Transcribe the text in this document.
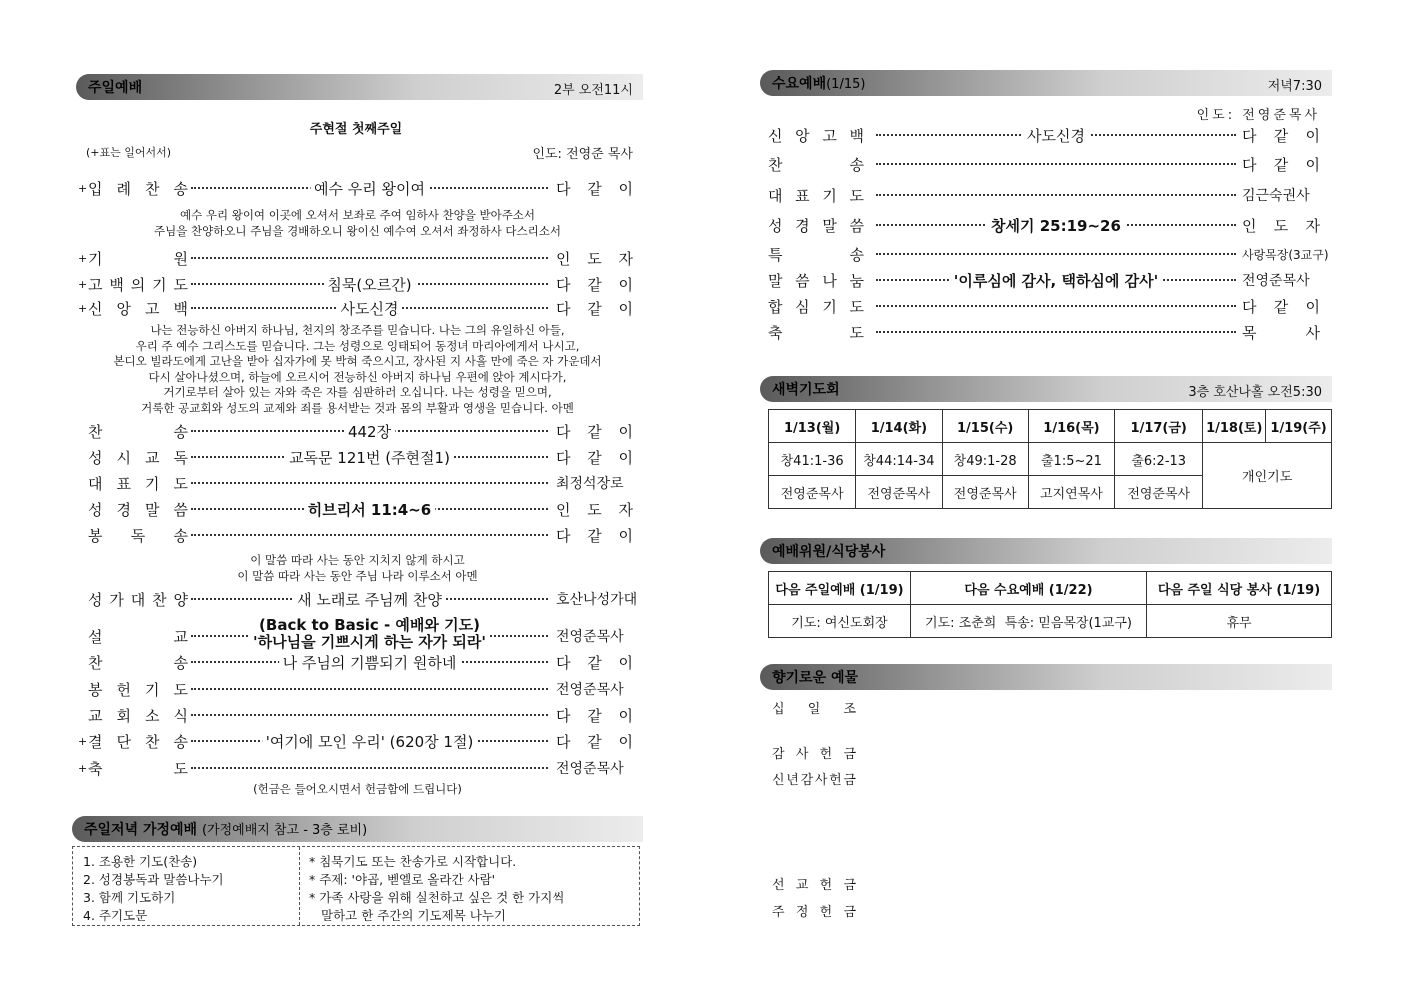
주일예배	2부 오전11시
주현절 첫째주일
(+표는 일어서서)	인도: 전영준 목사
+ 입 례 찬 송	예수 우리 왕이여	다 같 이
+ 기	원	인 도 자
+ 고 백 의 기 도	침묵(오르간)	다 같 이
+ 신 앙 고 백	사도신경	다 같 이
찬	송	442장	다 같 이
성 시 교 독	교독문 121번 (주현절1)	다 같 이
대 표 기 도	최정석장로
성 경 말 씀	히브리서 11:4~6	인 도 자
봉 독 송	다 같 이
성 가 대 찬 양	새 노래로 주님께 찬양	호산나성가대
설	교
(Back to Basic - 예배와 기도)
'하나님을 기쁘시게 하는 자가 되라'	전영준목사
찬	송	나 주님의 기쁨되기 원하네	다 같 이
봉 헌 기 도	전영준목사
교 회 소 식	다 같 이
+ 결 단 찬 송	'여기에 모인 우리' (620장 1절)	다 같 이
+ 축	도	전영준목사
예수 우리 왕이여 이곳에 오셔서 보좌로 주여 임하사 찬양을 받아주소서
주님을 찬양하오니 주님을 경배하오니 왕이신 예수여 오셔서 좌정하사 다스리소서
나는 전능하신 아버지 하나님, 천지의 창조주를 믿습니다. 나는 그의 유일하신 아들,
우리 주 예수 그리스도를 믿습니다. 그는 성령으로 잉태되어 동정녀 마리아에게서 나시고,
본디오 빌라도에게 고난을 받아 십자가에 못 박혀 죽으시고, 장사된 지 사흘 만에 죽은 자 가운데서
다시 살아나셨으며, 하늘에 오르시어 전능하신 아버지 하나님 우편에 앉아 계시다가,
거기로부터 살아 있는 자와 죽은 자를 심판하러 오십니다. 나는 성령을 믿으며,
거룩한 공교회와 성도의 교제와 죄를 용서받는 것과 몸의 부활과 영생을 믿습니다. 아멘
이 말씀 따라 사는 동안 지치지 않게 하시고
이 말씀 따라 사는 동안 주님 나라 이루소서 아멘
(헌금은 들어오시면서 헌금함에 드립니다)
주일저녁 가정예배 (가정예배지 참고 - 3층 로비)
1. 조용한 기도(찬송)
2. 성경봉독과 말씀나누기
3. 함께 기도하기
4. 주기도문
* 침묵기도 또는 찬송가로 시작합니다.
* 주제: '야곱, 벧엘로 올라간 사람'
* 가족 사랑을 위해 실천하고 싶은 것 한 가지씩
말하고 한 주간의 기도제목 나누기
수요예배(1/15)	저녁7:30
인도: 전영준목사
신 앙 고 백	사도신경	다 같 이
찬	송	다 같 이
대 표 기 도	김근숙권사
성 경 말 씀	창세기 25:19~26	인 도 자
특	송	사랑목장(3교구)
말 씀 나 눔	'이루심에 감사, 택하심에 감사'	전영준목사
합 심 기 도	다 같 이
축	도	목	사
새벽기도회	3층 호산나홀 오전5:30
1/13(월)	1/14(화)	1/15(수)	1/16(목)	1/17(금)	1/18(토)	1/19(주)
창41:1-36	창44:14-34	창49:1-28	출1:5~21	출6:2-13	개인기도	
전영준목사	전영준목사	전영준목사	고지연목사	전영준목사		
예배위원/식당봉사
다음 주일예배 (1/19)	다음 수요예배 (1/22)	다음 주일 식당 봉사 (1/19)
기도: 여신도회장	기도: 조춘희  특송: 믿음목장(1교구)	휴무
향기로운 예물
십 일 조
감 사 헌 금
신 년 감 사 헌 금
선 교 헌 금
주 정 헌 금
